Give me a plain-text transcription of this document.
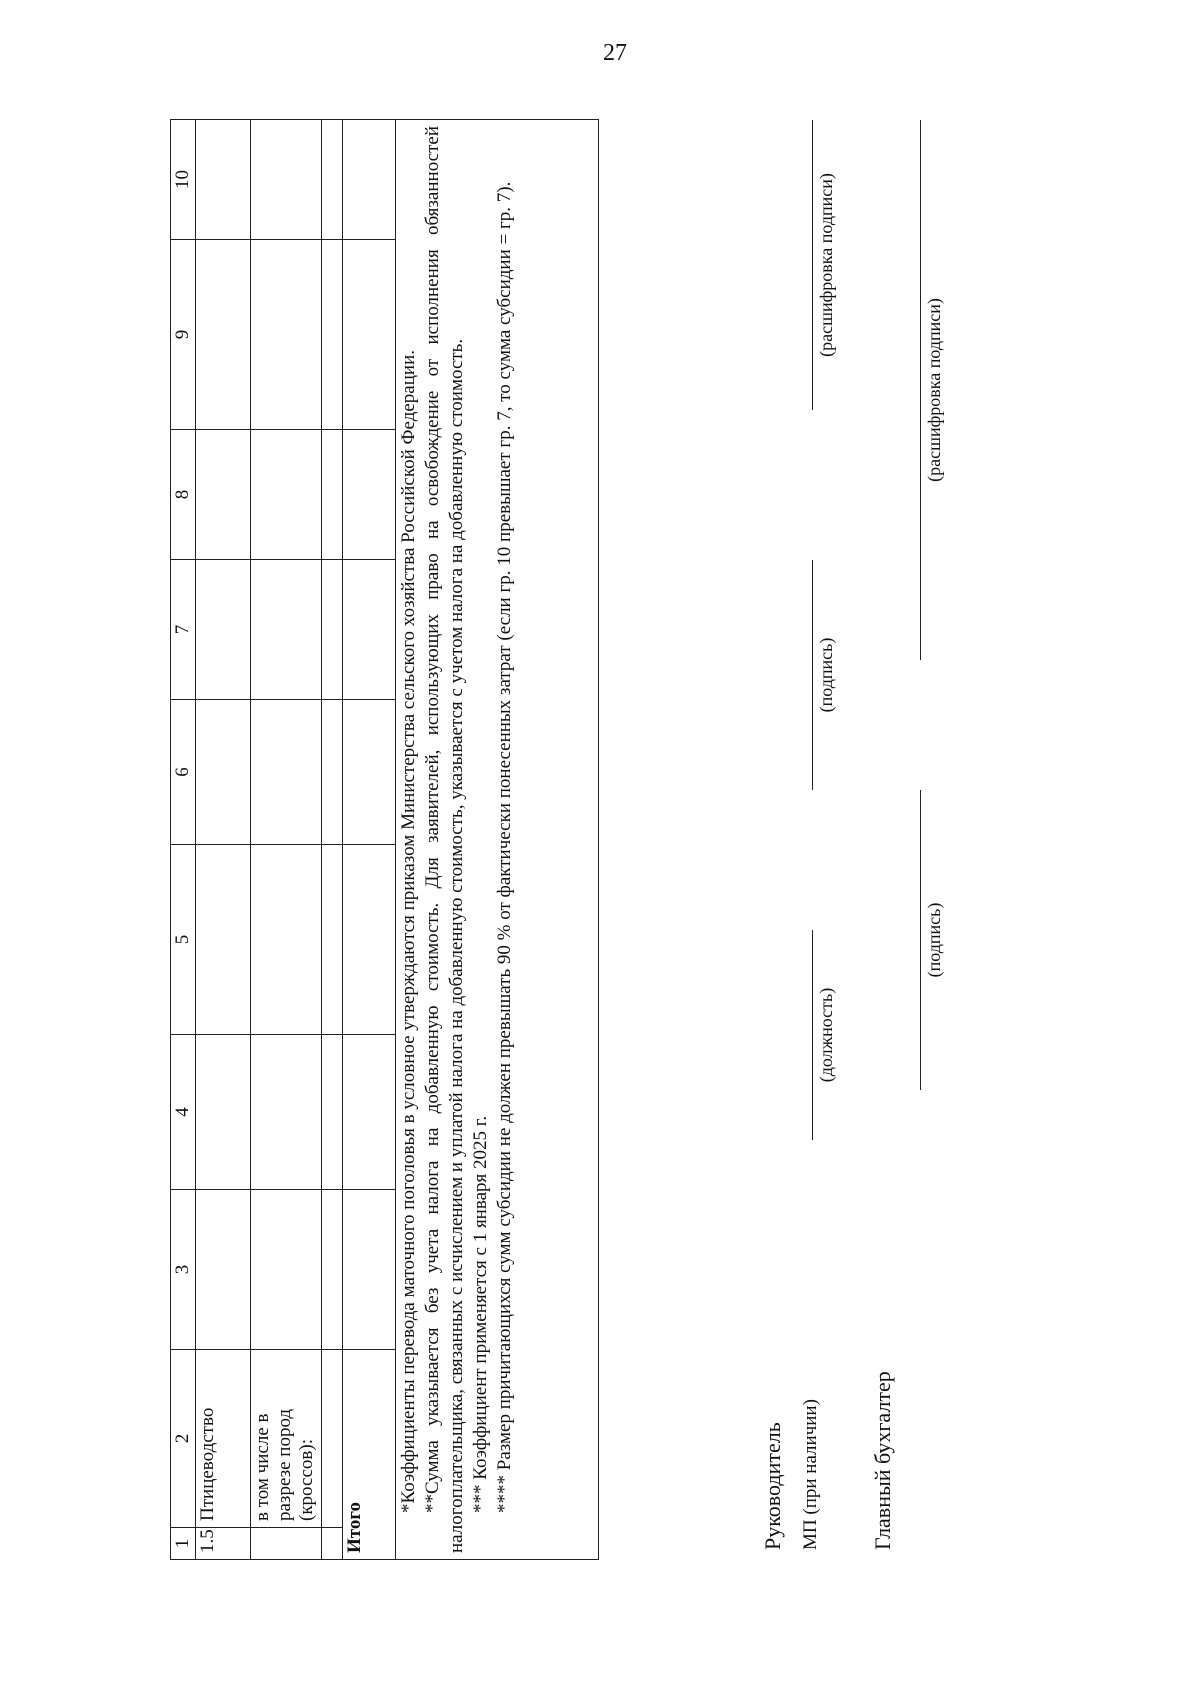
27
1	2	3	4	5	6	7	8	9	10
1.5	Птицеводство								
	в том числе в разрезе пород (кроссов):								

Итого									

*Коэффициенты перевода маточного поголовья в условное утверждаются приказом Министерства сельского хозяйства Российской Федерации. **Сумма указывается без учета налога на добавленную стоимость. Для заявителей, использующих право на освобождение от исполнения обязанностей налогоплательщика, связанных с исчислением и уплатой налога на добавленную стоимость, указывается с учетом налога на добавленную стоимость. *** Коэффициент применяется с 1 января 2025 г. **** Размер причитающихся сумм субсидии не должен превышать 90 % от фактически понесенных затрат (если гр. 10 превышает гр. 7, то сумма субсидии = гр. 7).										Руководитель МП (при наличии) Главный бухгалтер
(должность)
(подпись)
(расшифровка подписи)
(подпись)
(расшифровка подписи)
